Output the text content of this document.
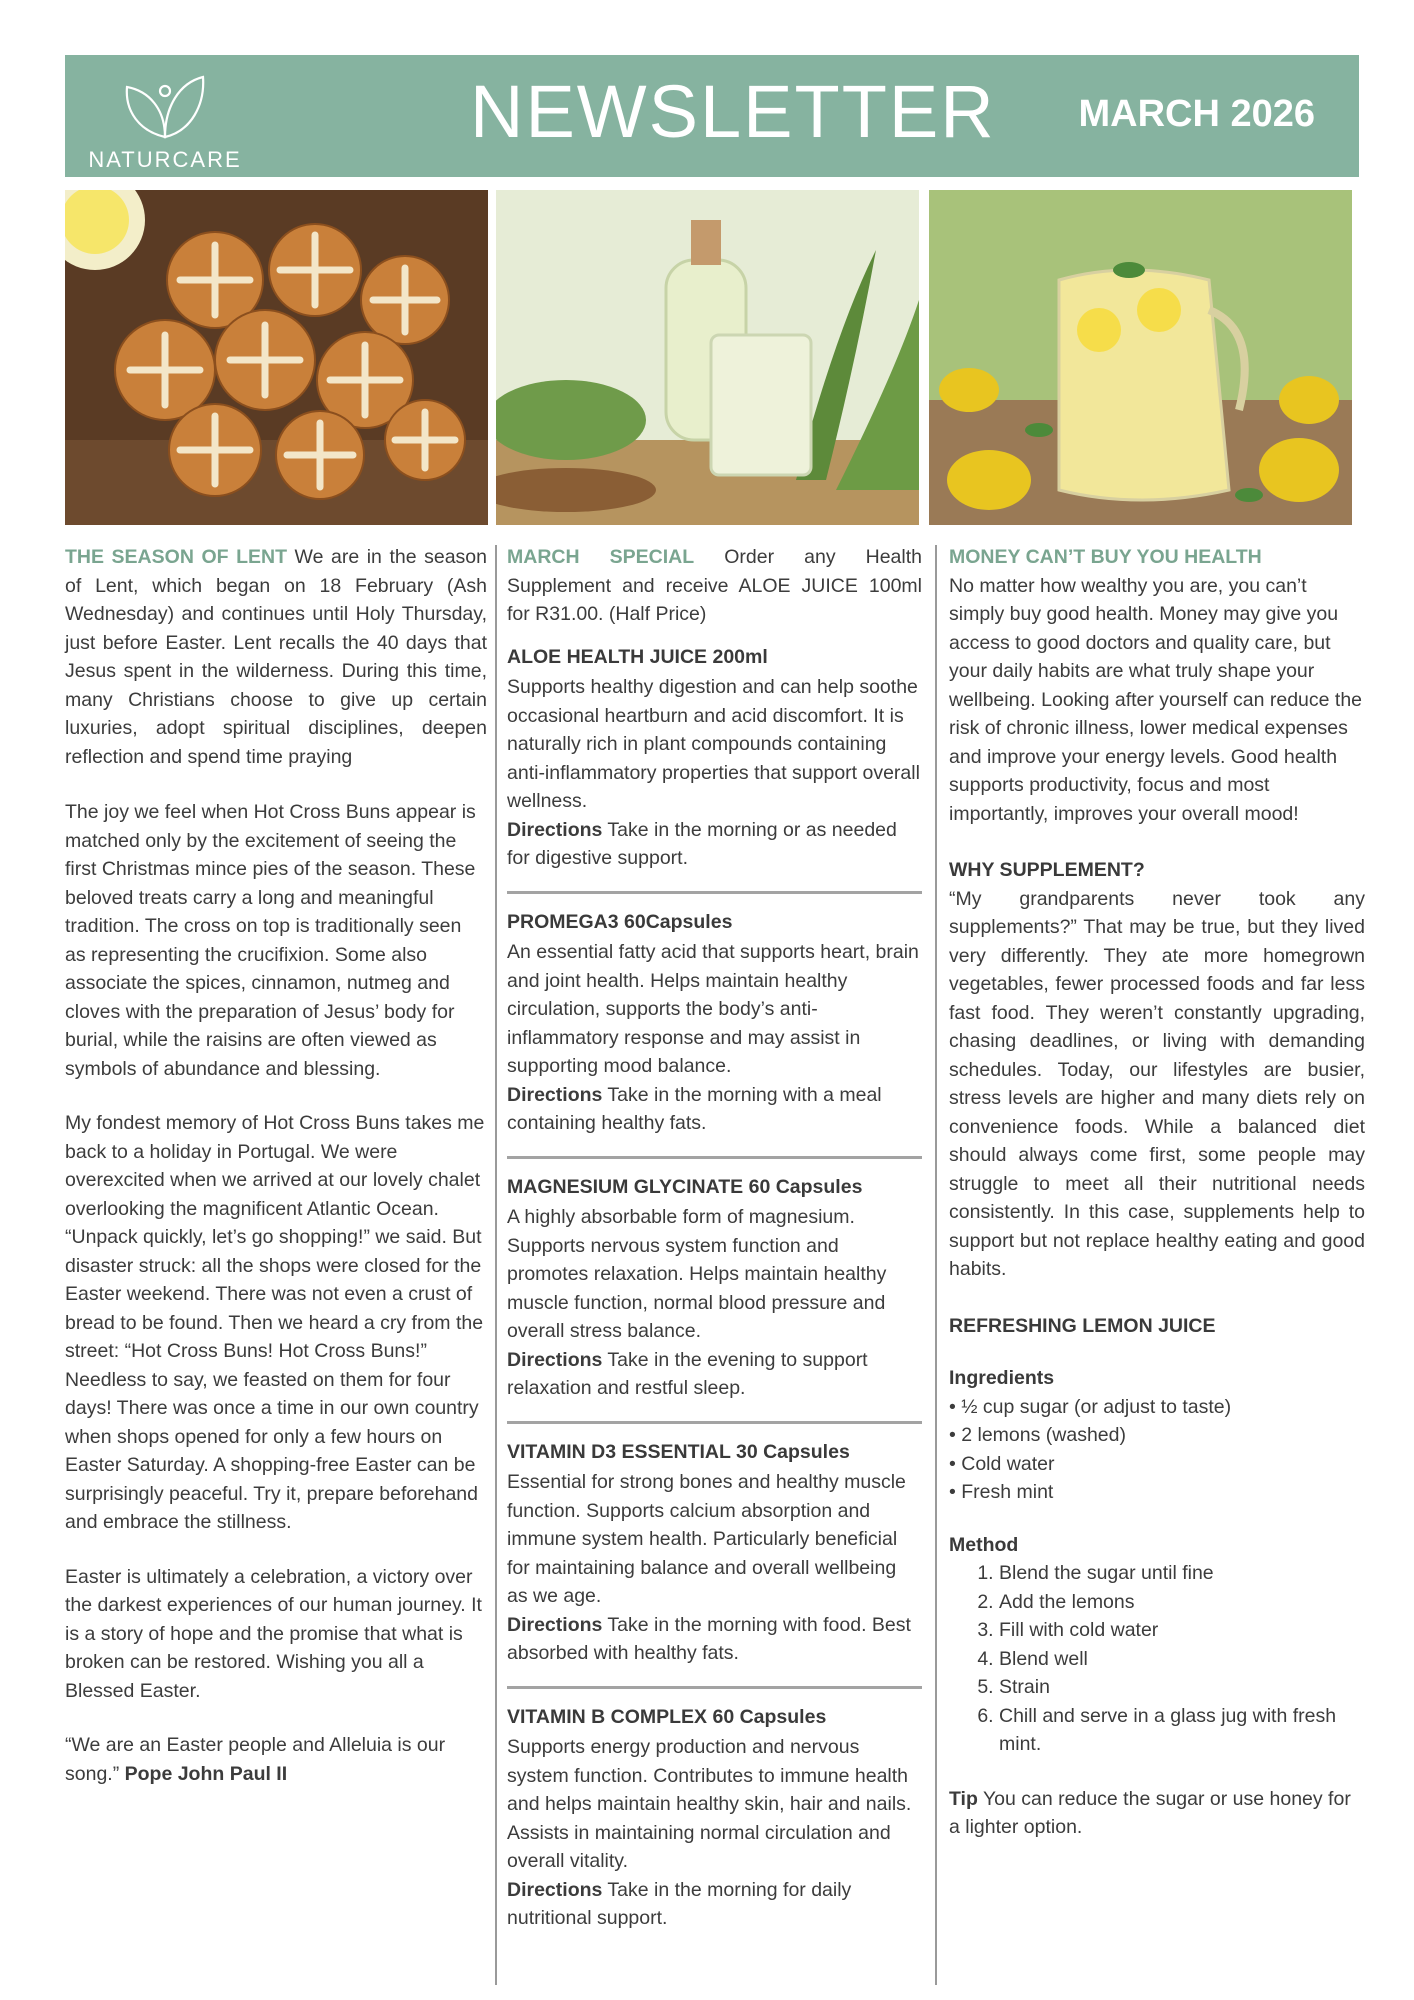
NATURCARE
NEWSLETTER MARCH 2026

THE SEASON OF LENT We are in the season of Lent, which began on 18 February (Ash Wednesday) and continues until Holy Thursday, just before Easter. Lent recalls the 40 days that Jesus spent in the wilderness. During this time, many Christians choose to give up certain luxuries, adopt spiritual disciplines, deepen reflection and spend time praying

The joy we feel when Hot Cross Buns appear is matched only by the excitement of seeing the first Christmas mince pies of the season. These beloved treats carry a long and meaningful tradition. The cross on top is traditionally seen as representing the crucifixion. Some also associate the spices, cinnamon, nutmeg and cloves with the preparation of Jesus’ body for burial, while the raisins are often viewed as symbols of abundance and blessing.

My fondest memory of Hot Cross Buns takes me back to a holiday in Portugal. We were overexcited when we arrived at our lovely chalet overlooking the magnificent Atlantic Ocean. “Unpack quickly, let’s go shopping!” we said. But disaster struck: all the shops were closed for the Easter weekend. There was not even a crust of bread to be found. Then we heard a cry from the street: “Hot Cross Buns! Hot Cross Buns!” Needless to say, we feasted on them for four days! There was once a time in our own country when shops opened for only a few hours on Easter Saturday. A shopping-free Easter can be surprisingly peaceful. Try it, prepare beforehand and embrace the stillness.

Easter is ultimately a celebration, a victory over the darkest experiences of our human journey. It is a story of hope and the promise that what is broken can be restored. Wishing you all a Blessed Easter.

“We are an Easter people and Alleluia is our song.” Pope John Paul II

MARCH SPECIAL Order any Health Supplement and receive ALOE JUICE 100ml for R31.00. (Half Price)

ALOE HEALTH JUICE 200ml

Supports healthy digestion and can help soothe occasional heartburn and acid discomfort. It is naturally rich in plant compounds containing anti-inflammatory properties that support overall wellness.

Directions Take in the morning or as needed for digestive support.

PROMEGA3 60Capsules

An essential fatty acid that supports heart, brain and joint health. Helps maintain healthy circulation, supports the body’s anti-inflammatory response and may assist in supporting mood balance.

Directions Take in the morning with a meal containing healthy fats.

MAGNESIUM GLYCINATE 60 Capsules

A highly absorbable form of magnesium. Supports nervous system function and promotes relaxation. Helps maintain healthy muscle function, normal blood pressure and overall stress balance.

Directions Take in the evening to support relaxation and restful sleep.

VITAMIN D3 ESSENTIAL 30 Capsules

Essential for strong bones and healthy muscle function. Supports calcium absorption and immune system health. Particularly beneficial for maintaining balance and overall wellbeing as we age.

Directions Take in the morning with food. Best absorbed with healthy fats.

VITAMIN B COMPLEX 60 Capsules

Supports energy production and nervous system function. Contributes to immune health and helps maintain healthy skin, hair and nails. Assists in maintaining normal circulation and overall vitality.

Directions Take in the morning for daily nutritional support.

MONEY CAN’T BUY YOU HEALTH

No matter how wealthy you are, you can’t simply buy good health. Money may give you access to good doctors and quality care, but your daily habits are what truly shape your wellbeing. Looking after yourself can reduce the risk of chronic illness, lower medical expenses and improve your energy levels. Good health supports productivity, focus and most importantly, improves your overall mood!

WHY SUPPLEMENT?

“My grandparents never took any supplements?” That may be true, but they lived very differently. They ate more homegrown vegetables, fewer processed foods and far less fast food. They weren’t constantly upgrading, chasing deadlines, or living with demanding schedules. Today, our lifestyles are busier, stress levels are higher and many diets rely on convenience foods. While a balanced diet should always come first, some people may struggle to meet all their nutritional needs consistently. In this case, supplements help to support but not replace healthy eating and good habits.

REFRESHING LEMON JUICE

Ingredients

• ½ cup sugar (or adjust to taste)
• 2 lemons (washed)
• Cold water
• Fresh mint

Method

1. Blend the sugar until fine
2. Add the lemons
3. Fill with cold water
4. Blend well
5. Strain
6. Chill and serve in a glass jug with fresh mint.

Tip You can reduce the sugar or use honey for a lighter option.
